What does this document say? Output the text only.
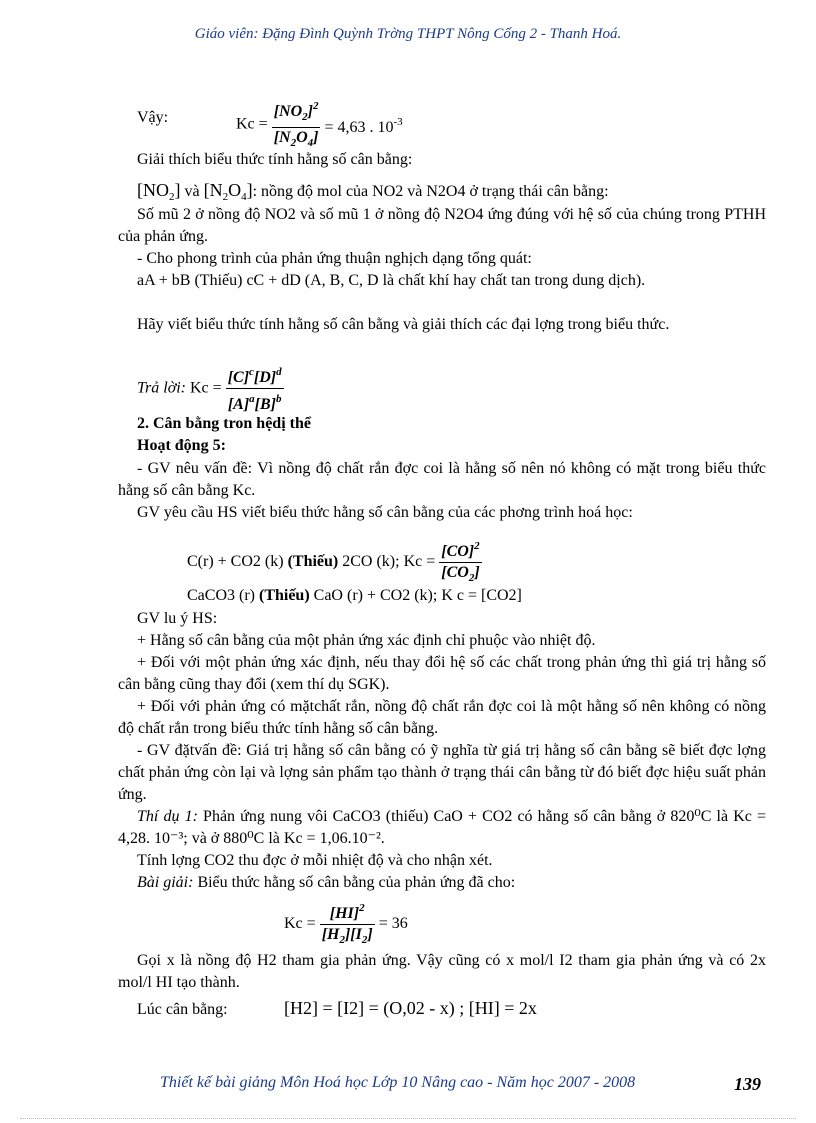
Giáo viên: Đặng Đình Quỳnh Trờng THPT Nông Cống 2 - Thanh Hoá.
Vậy:	$Kc = \frac{[NO_2]^2}{[N_2O_4]} = 4,63$ . $10^{-3}$
Giải thích biểu thức tính hằng số cân bằng:
$[NO_2]$ và $[N_2O_4]$: nồng độ mol của NO2 và N2O4 ở trạng thái cân bằng:
Số mũ 2 ở nồng độ NO2 và số mũ 1 ở nồng độ N2O4 ứng đúng với hệ số của chúng trong PTHH của phản ứng.
- Cho phong trình của phản ứng thuận nghịch dạng tổng quát:
aA + bB (Thiếu) cC + dD (A, B, C, D là chất khí hay chất tan trong dung dịch).
Hãy viết biểu thức tính hằng số cân bằng và giải thích các đại lợng trong biểu thức.
Trả lời: $Kc = \frac{[C]^c[D]^d}{[A]^a[B]^b}$
2. Cân bằng tron hệdị thể
Hoạt động 5:
- GV nêu vấn đề: Vì nồng độ chất rắn đợc coi là hằng số nên nó không có mặt trong biểu thức hằng số cân bằng Kc.
GV yêu cầu HS viết biểu thức hằng số cân bằng của các phơng trình hoá học:
C(r) + CO2 (k) (Thiếu) 2CO (k); $Kc = \frac{[CO]^2}{[CO_2]}$
CaCO3 (r) (Thiếu) CaO (r) + CO2 (k); K c = [CO2]
GV lu ý HS:
+ Hằng số cân bằng của một phản ứng xác định chỉ phuộc vào nhiệt độ.
+ Đối với một phản ứng xác định, nếu thay đổi hệ số các chất trong phản ứng thì giá trị hằng số cân bằng cũng thay đổi (xem thí dụ SGK).
+ Đối với phản ứng có mặtchất rắn, nồng độ chất rắn đợc coi là một hằng số nên không có nồng độ chất rắn trong biểu thức tính hằng số cân bằng.
- GV đặtvấn đề: Giá trị hằng số cân bằng có ỹ nghĩa từ giá trị hằng số cân bằng sẽ biết đợc lợng chất phản ứng còn lại và lợng sản phẩm tạo thành ở trạng thái cân bằng từ đó biết đợc hiệu suất phản ứng.
Thí dụ 1: Phản ứng nung vôi CaCO3 (thiếu) CaO + CO2 có hằng số cân bằng ở 820⁰C là Kc = 4,28. 10⁻³; và ở 880⁰C là Kc = 1,06.10⁻².
Tính lợng CO2 thu đợc ở mỗi nhiệt độ và cho nhận xét.
Bài giải: Biểu thức hằng số cân bằng của phản ứng đã cho:
$Kc = \frac{[HI]^2}{[H_2][I_2]} = 36$
Gọi x là nồng độ H2 tham gia phản ứng. Vậy cũng có x mol/l I2 tham gia phản ứng và có 2x mol/l HI tạo thành.
Lúc cân bằng:	[H2] = [I2] = (O,02 - x) ; [HI] = 2x
Thiết kế bài giảng Môn Hoá học Lớp 10 Nâng cao - Năm học 2007 - 2008	139
